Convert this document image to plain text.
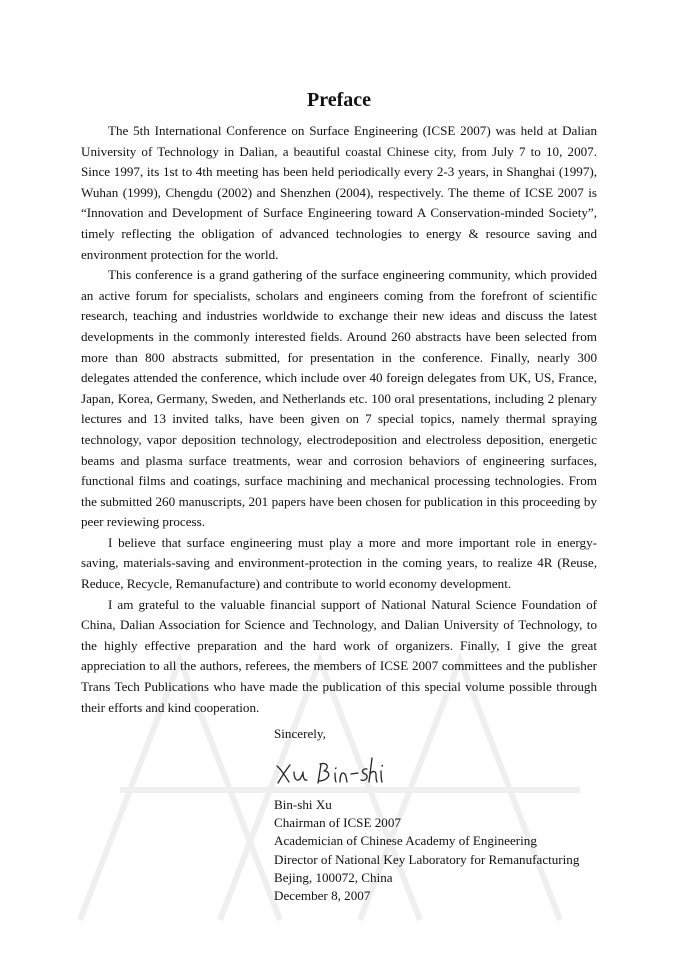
Preface

The 5th International Conference on Surface Engineering (ICSE 2007) was held at Dalian University of Technology in Dalian, a beautiful coastal Chinese city, from July 7 to 10, 2007. Since 1997, its 1st to 4th meeting has been held periodically every 2-3 years, in Shanghai (1997), Wuhan (1999), Chengdu (2002) and Shenzhen (2004), respectively. The theme of ICSE 2007 is “Innovation and Development of Surface Engineering toward A Conservation-minded Society”, timely reflecting the obligation of advanced technologies to energy & resource saving and environment protection for the world.

This conference is a grand gathering of the surface engineering community, which provided an active forum for specialists, scholars and engineers coming from the forefront of scientific research, teaching and industries worldwide to exchange their new ideas and discuss the latest developments in the commonly interested fields. Around 260 abstracts have been selected from more than 800 abstracts submitted, for presentation in the conference. Finally, nearly 300 delegates attended the conference, which include over 40 foreign delegates from UK, US, France, Japan, Korea, Germany, Sweden, and Netherlands etc. 100 oral presentations, including 2 plenary lectures and 13 invited talks, have been given on 7 special topics, namely thermal spraying technology, vapor deposition technology, electrodeposition and electroless deposition, energetic beams and plasma surface treatments, wear and corrosion behaviors of engineering surfaces, functional films and coatings, surface machining and mechanical processing technologies. From the submitted 260 manuscripts, 201 papers have been chosen for publication in this proceeding by peer reviewing process.

I believe that surface engineering must play a more and more important role in energy-saving, materials-saving and environment-protection in the coming years, to realize 4R (Reuse, Reduce, Recycle, Remanufacture) and contribute to world economy development.

I am grateful to the valuable financial support of National Natural Science Foundation of China, Dalian Association for Science and Technology, and Dalian University of Technology, to the highly effective preparation and the hard work of organizers. Finally, I give the great appreciation to all the authors, referees, the members of ICSE 2007 committees and the publisher Trans Tech Publications who have made the publication of this special volume possible through their efforts and kind cooperation.

Sincerely,

Bin-shi Xu

Chairman of ICSE 2007

Academician of Chinese Academy of Engineering

Director of National Key Laboratory for Remanufacturing

Bejing, 100072, China

December 8, 2007
